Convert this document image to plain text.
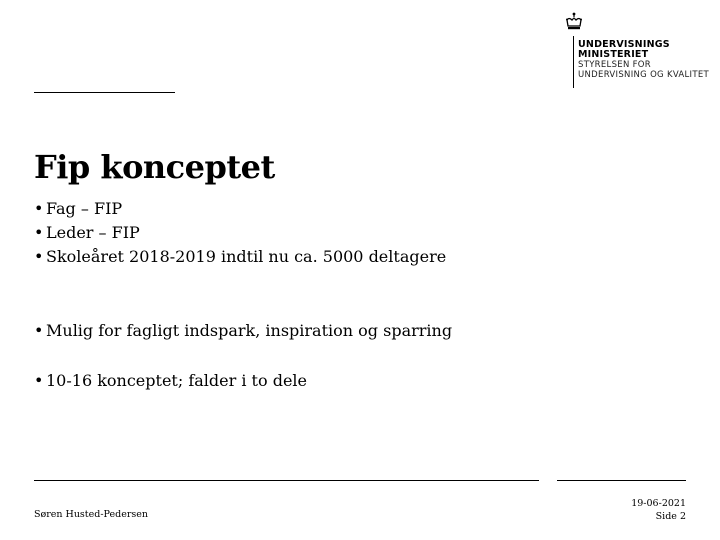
UNDERVISNINGS
MINISTERIET
STYRELSEN FOR
UNDERVISNING OG KVALITET
Fip konceptet
• Fag – FIP
• Leder – FIP
• Skoleåret 2018-2019 indtil nu ca. 5000 deltagere
• Mulig for fagligt indspark, inspiration og sparring
• 10-16 konceptet; falder i to dele
Søren Husted-Pedersen
19-06-2021
Side 2
